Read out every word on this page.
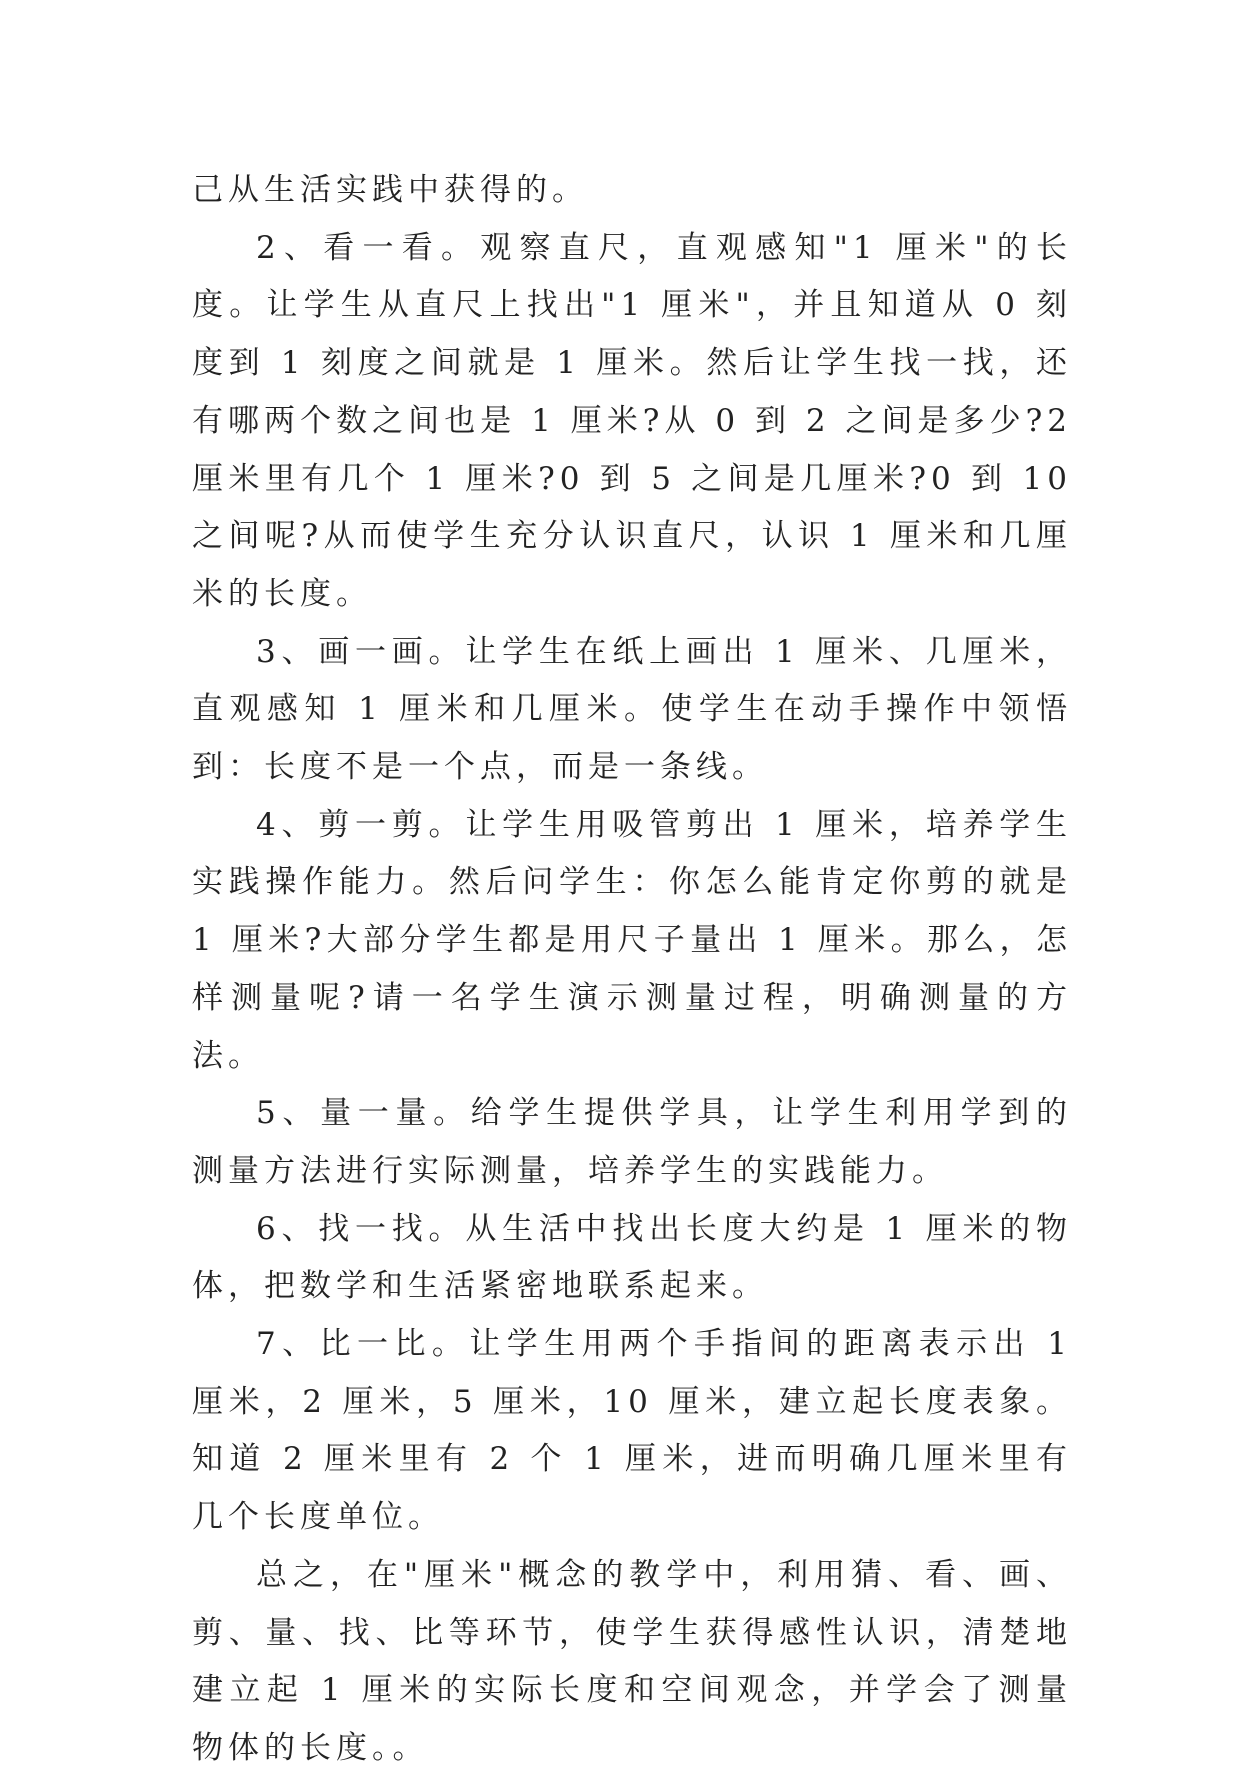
己从生活实践中获得的。

2、看一看。观察直尺，直观感知"1 厘米"的长度。让学生从直尺上找出"1 厘米"，并且知道从 0 刻度到 1 刻度之间就是 1 厘米。然后让学生找一找，还有哪两个数之间也是 1 厘米?从 0 到 2 之间是多少?2 厘米里有几个 1 厘米?0 到 5 之间是几厘米?0 到 10 之间呢?从而使学生充分认识直尺，认识 1 厘米和几厘米的长度。

3、画一画。让学生在纸上画出 1 厘米、几厘米，直观感知 1 厘米和几厘米。使学生在动手操作中领悟到：长度不是一个点，而是一条线。

4、剪一剪。让学生用吸管剪出 1 厘米，培养学生实践操作能力。然后问学生：你怎么能肯定你剪的就是 1 厘米?大部分学生都是用尺子量出 1 厘米。那么，怎样测量呢?请一名学生演示测量过程，明确测量的方法。

5、量一量。给学生提供学具，让学生利用学到的测量方法进行实际测量，培养学生的实践能力。

6、找一找。从生活中找出长度大约是 1 厘米的物体，把数学和生活紧密地联系起来。

7、比一比。让学生用两个手指间的距离表示出 1 厘米，2 厘米，5 厘米，10 厘米，建立起长度表象。知道 2 厘米里有 2 个 1 厘米，进而明确几厘米里有几个长度单位。

总之，在"厘米"概念的教学中，利用猜、看、画、剪、量、找、比等环节，使学生获得感性认识，清楚地建立起 1 厘米的实际长度和空间观念，并学会了测量物体的长度。。
